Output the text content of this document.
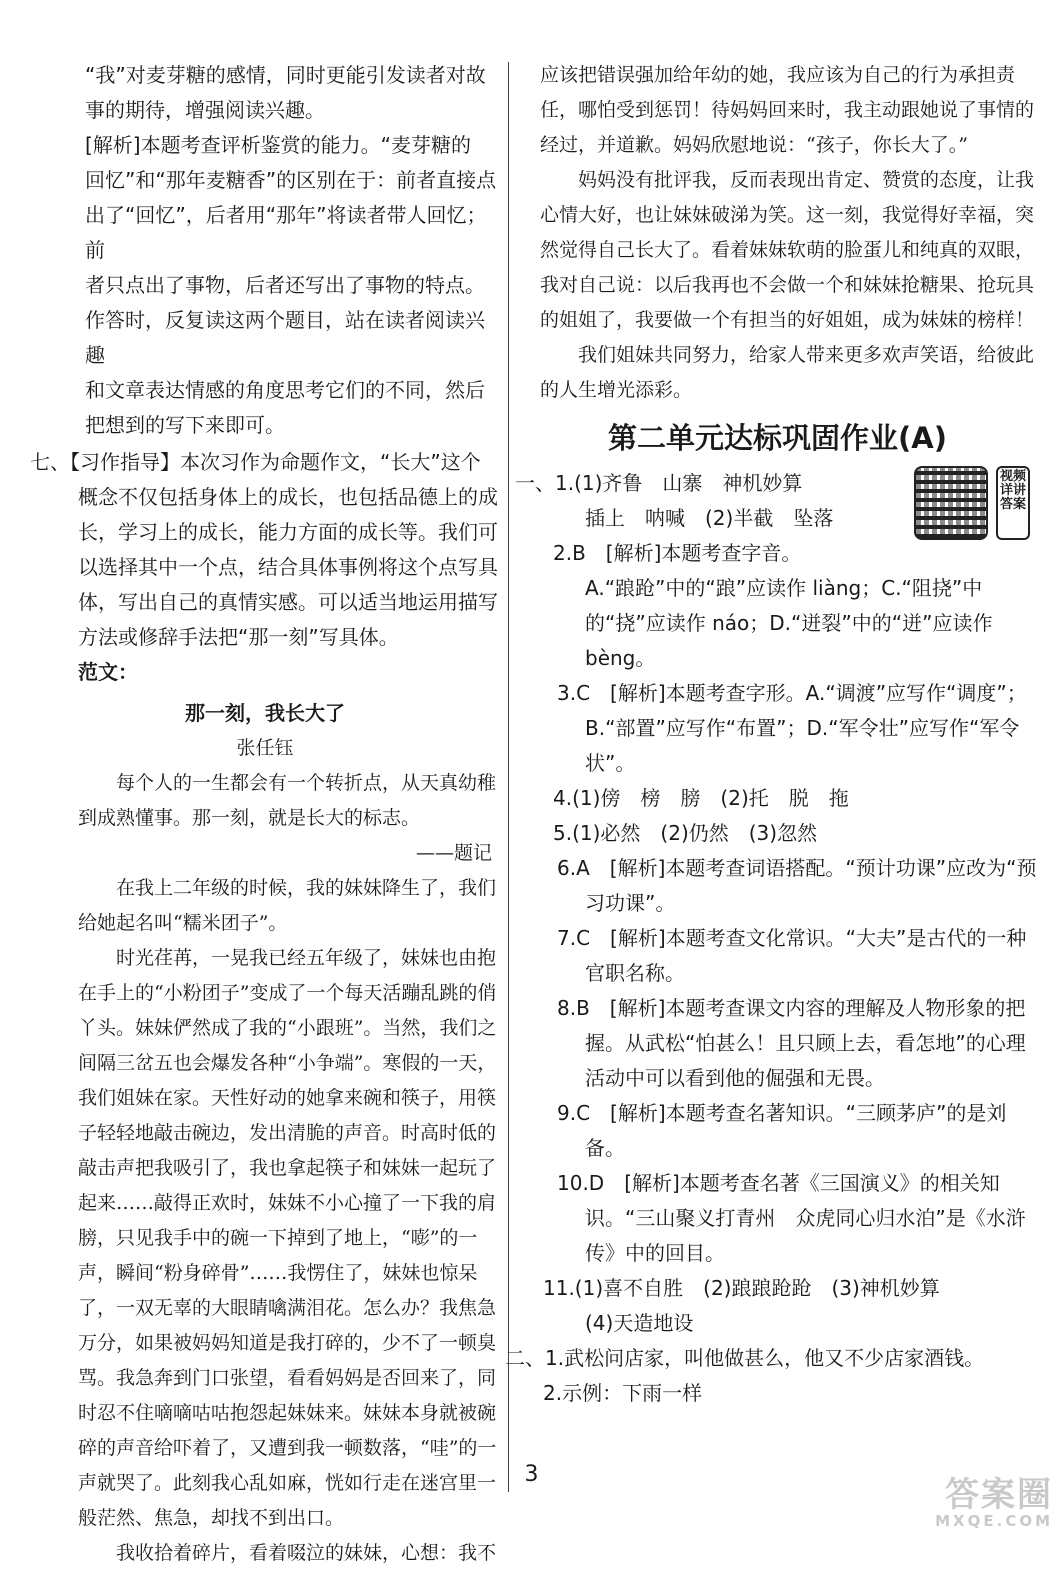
“我”对麦芽糖的感情，同时更能引发读者对故

事的期待，增强阅读兴趣。

[解析]本题考查评析鉴赏的能力。“麦芽糖的

回忆”和“那年麦糖香”的区别在于：前者直接点

出了“回忆”，后者用“那年”将读者带人回忆；前

者只点出了事物，后者还写出了事物的特点。

作答时，反复读这两个题目，站在读者阅读兴趣

和文章表达情感的角度思考它们的不同，然后

把想到的写下来即可。

七、【习作指导】本次习作为命题作文，“长大”这个概念不仅包括身体上的成长，也包括品德上的成长，学习上的成长，能力方面的成长等。我们可以选择其中一个点，结合具体事例将这个点写具体，写出自己的真情实感。可以适当地运用描写方法或修辞手法把“那一刻”写具体。

范文：

那一刻，我长大了

张任钰

每个人的一生都会有一个转折点，从天真幼稚到成熟懂事。那一刻，就是长大的标志。

——题记

在我上二年级的时候，我的妹妹降生了，我们给她起名叫“糯米团子”。

时光荏苒，一晃我已经五年级了，妹妹也由抱在手上的“小粉团子”变成了一个每天活蹦乱跳的俏丫头。妹妹俨然成了我的“小跟班”。当然，我们之间隔三岔五也会爆发各种“小争端”。寒假的一天，我们姐妹在家。天性好动的她拿来碗和筷子，用筷子轻轻地敲击碗边，发出清脆的声音。时高时低的敲击声把我吸引了，我也拿起筷子和妹妹一起玩了起来……敲得正欢时，妹妹不小心撞了一下我的肩膀，只见我手中的碗一下掉到了地上，“嘭”的一声，瞬间“粉身碎骨”……我愣住了，妹妹也惊呆了，一双无辜的大眼睛噙满泪花。怎么办？我焦急万分，如果被妈妈知道是我打碎的，少不了一顿臭骂。我急奔到门口张望，看看妈妈是否回来了，同时忍不住嘀嘀咕咕抱怨起妹妹来。妹妹本身就被碗碎的声音给吓着了，又遭到我一顿数落，“哇”的一声就哭了。此刻我心乱如麻，恍如行走在迷宫里一般茫然、焦急，却找不到出口。

我收拾着碎片，看着啜泣的妹妹，心想：我不

应该把错误强加给年幼的她，我应该为自己的行为承担责任，哪怕受到惩罚！待妈妈回来时，我主动跟她说了事情的经过，并道歉。妈妈欣慰地说：“孩子，你长大了。”

妈妈没有批评我，反而表现出肯定、赞赏的态度，让我心情大好，也让妹妹破涕为笑。这一刻，我觉得好幸福，突然觉得自己长大了。看着妹妹软萌的脸蛋儿和纯真的双眼，我对自己说：以后我再也不会做一个和妹妹抢糖果、抢玩具的姐姐了，我要做一个有担当的好姐姐，成为妹妹的榜样！

我们姐妹共同努力，给家人带来更多欢声笑语，给彼此的人生增光添彩。

第二单元达标巩固作业(A)
视频详讲答案

一、1.(1)齐鲁　山寨　神机妙算

插上　呐喊　(2)半截　坠落

2.B　[解析]本题考查字音。

A.“踉跄”中的“踉”应读作 liàng；C.“阻挠”中的“挠”应读作 náo；D.“迸裂”中的“迸”应读作 bèng。

3.C　[解析]本题考查字形。A.“调渡”应写作“调度”；B.“部置”应写作“布置”；D.“军令壮”应写作“军令状”。

4.(1)傍　榜　膀　(2)托　脱　拖

5.(1)必然　(2)仍然　(3)忽然

6.A　[解析]本题考查词语搭配。“预计功课”应改为“预习功课”。

7.C　[解析]本题考查文化常识。“大夫”是古代的一种官职名称。

8.B　[解析]本题考查课文内容的理解及人物形象的把握。从武松“怕甚么！且只顾上去，看怎地”的心理活动中可以看到他的倔强和无畏。

9.C　[解析]本题考查名著知识。“三顾茅庐”的是刘备。

10.D　[解析]本题考查名著《三国演义》的相关知识。“三山聚义打青州　众虎同心归水泊”是《水浒传》中的回目。

11.(1)喜不自胜　(2)踉踉跄跄　(3)神机妙算

(4)天造地设

二、1.武松问店家，叫他做甚么，他又不少店家酒钱。

2.示例：下雨一样

3
答案圈
MXQE.COM
